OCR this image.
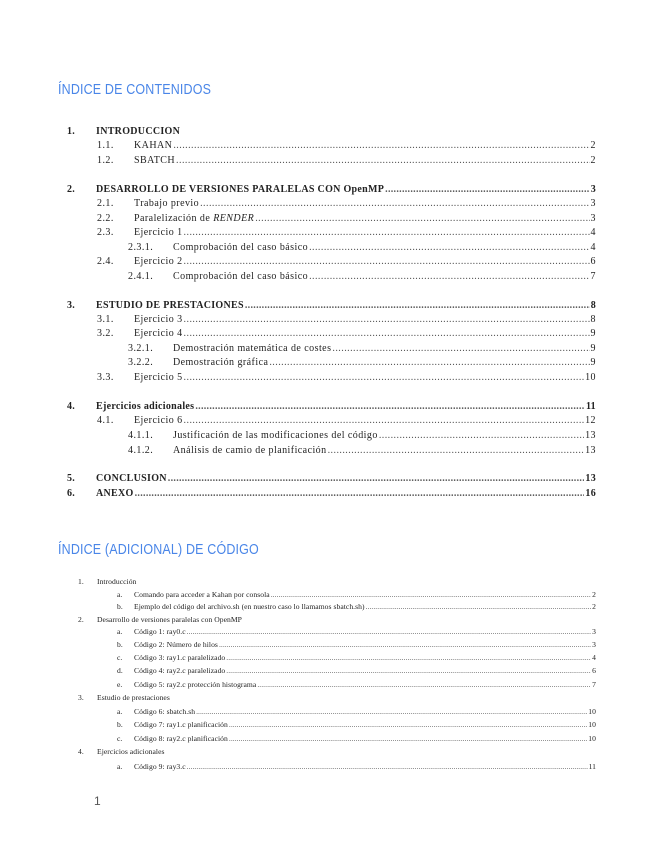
ÍNDICE DE CONTENIDOS
1.	INTRODUCCIÓN
1.1.	KAHAN .....	2
1.2.	SBATCH .....	2
2.	DESARROLLO DE VERSIONES PARALELAS CON OpenMP .....	3
2.1.	Trabajo previo .....	3
2.2.	Paralelización de RENDER .....	3
2.3.	Ejercicio 1 .....	4
2.3.1.	Comprobación del caso básico .....	4
2.4.	Ejercicio 2 .....	6
2.4.1.	Comprobación del caso básico .....	7
3.	ESTUDIO DE PRESTACIONES .....	8
3.1.	Ejercicio 3 .....	8
3.2.	Ejercicio 4 .....	9
3.2.1.	Demostración matemática de costes .....	9
3.2.2.	Demostración gráfica .....	9
3.3.	Ejercicio 5 .....	10
4.	Ejercicios adicionales .....	11
4.1.	Ejercicio 6 .....	12
4.1.1.	Justificación de las modificaciones del código .....	13
4.1.2.	Análisis de camio de planificación .....	13
5.	CONCLUSIÓN .....	13
6.	ANEXO .....	16
ÍNDICE (ADICIONAL) DE CÓDIGO
1.	Introducción
a.	Comando para acceder a Kahan por consola .....	2
b.	Ejemplo del código del archivo.sh (en nuestro caso lo llamamos sbatch.sh) .....	2
2.	Desarrollo de versiones paralelas con OpenMP
a.	Código 1: ray0.c .....	3
b.	Código 2: Número de hilos .....	3
c.	Código 3: ray1.c paralelizado .....	4
d.	Código 4: ray2.c paralelizado .....	6
e.	Código 5: ray2.c protección histograma .....	7
3.	Estudio de prestaciones
a.	Código 6: sbatch.sh .....	10
b.	Código 7: ray1.c planificación .....	10
c.	Código 8: ray2.c planificación .....	10
4.	Ejercicios adicionales
a.	Código 9: ray3.c .....	11
1
